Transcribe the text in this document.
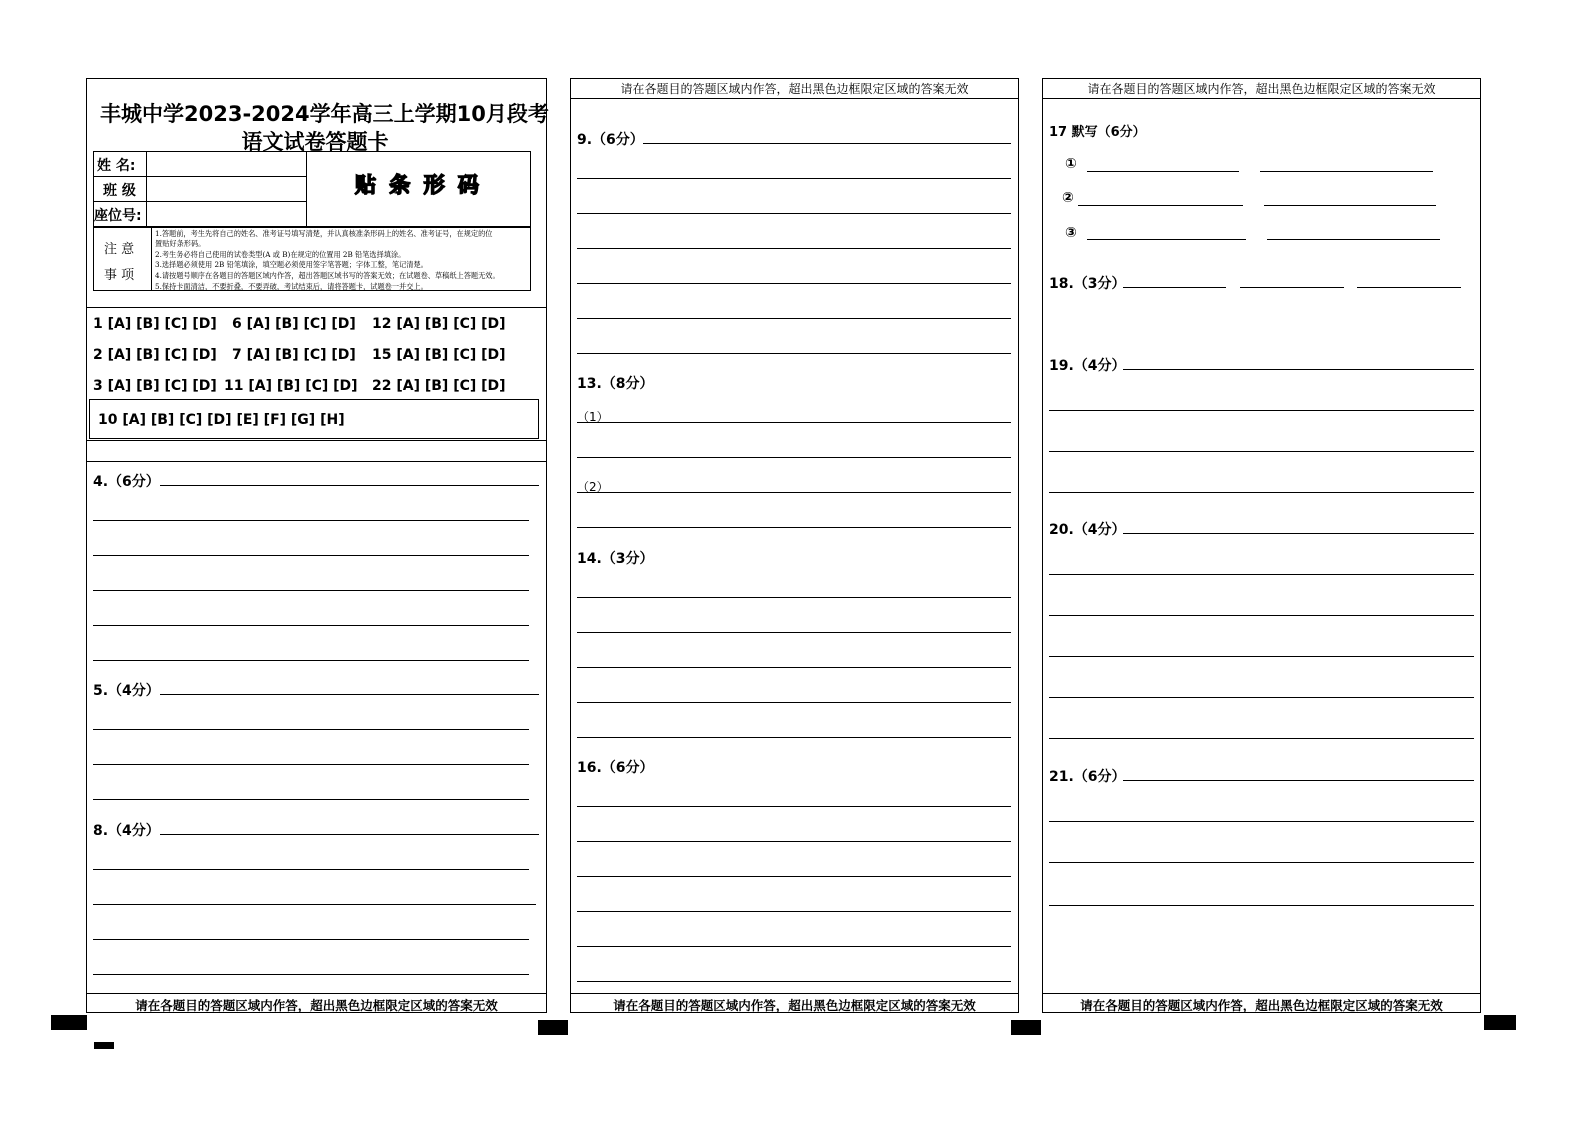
丰城中学2023-2024学年高三上学期10月段考
语文试卷答题卡
姓 名:
班 级
座位号:
贴 条 形 码
注 意
事 项
1.答题前，考生先将自己的姓名、准考证号填写清楚，并认真核准条形码上的姓名、准考证号，在规定的位
置贴好条形码。
2.考生务必将自己使用的试卷类型(A 或 B)在规定的位置用 2B 铅笔选择填涂。
3.选择题必须使用 2B 铅笔填涂，填空题必须使用签字笔答题；字体工整，笔记清楚。
4.请按题号顺序在各题目的答题区域内作答，超出答题区域书写的答案无效；在试题卷、草稿纸上答题无效。
5.保持卡面清洁，不要折叠，不要弄破，考试结束后，请将答题卡，试题卷一并交上。
1 [A] [B] [C] [D] 6 [A] [B] [C] [D] 12 [A] [B] [C] [D]
2 [A] [B] [C] [D] 7 [A] [B] [C] [D] 15 [A] [B] [C] [D]
3 [A] [B] [C] [D] 11 [A] [B] [C] [D] 22 [A] [B] [C] [D]
10 [A] [B] [C] [D] [E] [F] [G] [H]
4.（6分）
5.（4分）
8.（4分）
请在各题目的答题区域内作答，超出黑色边框限定区域的答案无效
请在各题目的答题区域内作答，超出黑色边框限定区域的答案无效
9.（6分）
13.（8分）
（1）
（2）
14.（3分）
16.（6分）
请在各题目的答题区域内作答，超出黑色边框限定区域的答案无效
请在各题目的答题区域内作答，超出黑色边框限定区域的答案无效
17 默写（6分）
①
②
③
18.（3分）
19.（4分）
20.（4分）
21.（6分）
请在各题目的答题区域内作答，超出黑色边框限定区域的答案无效
